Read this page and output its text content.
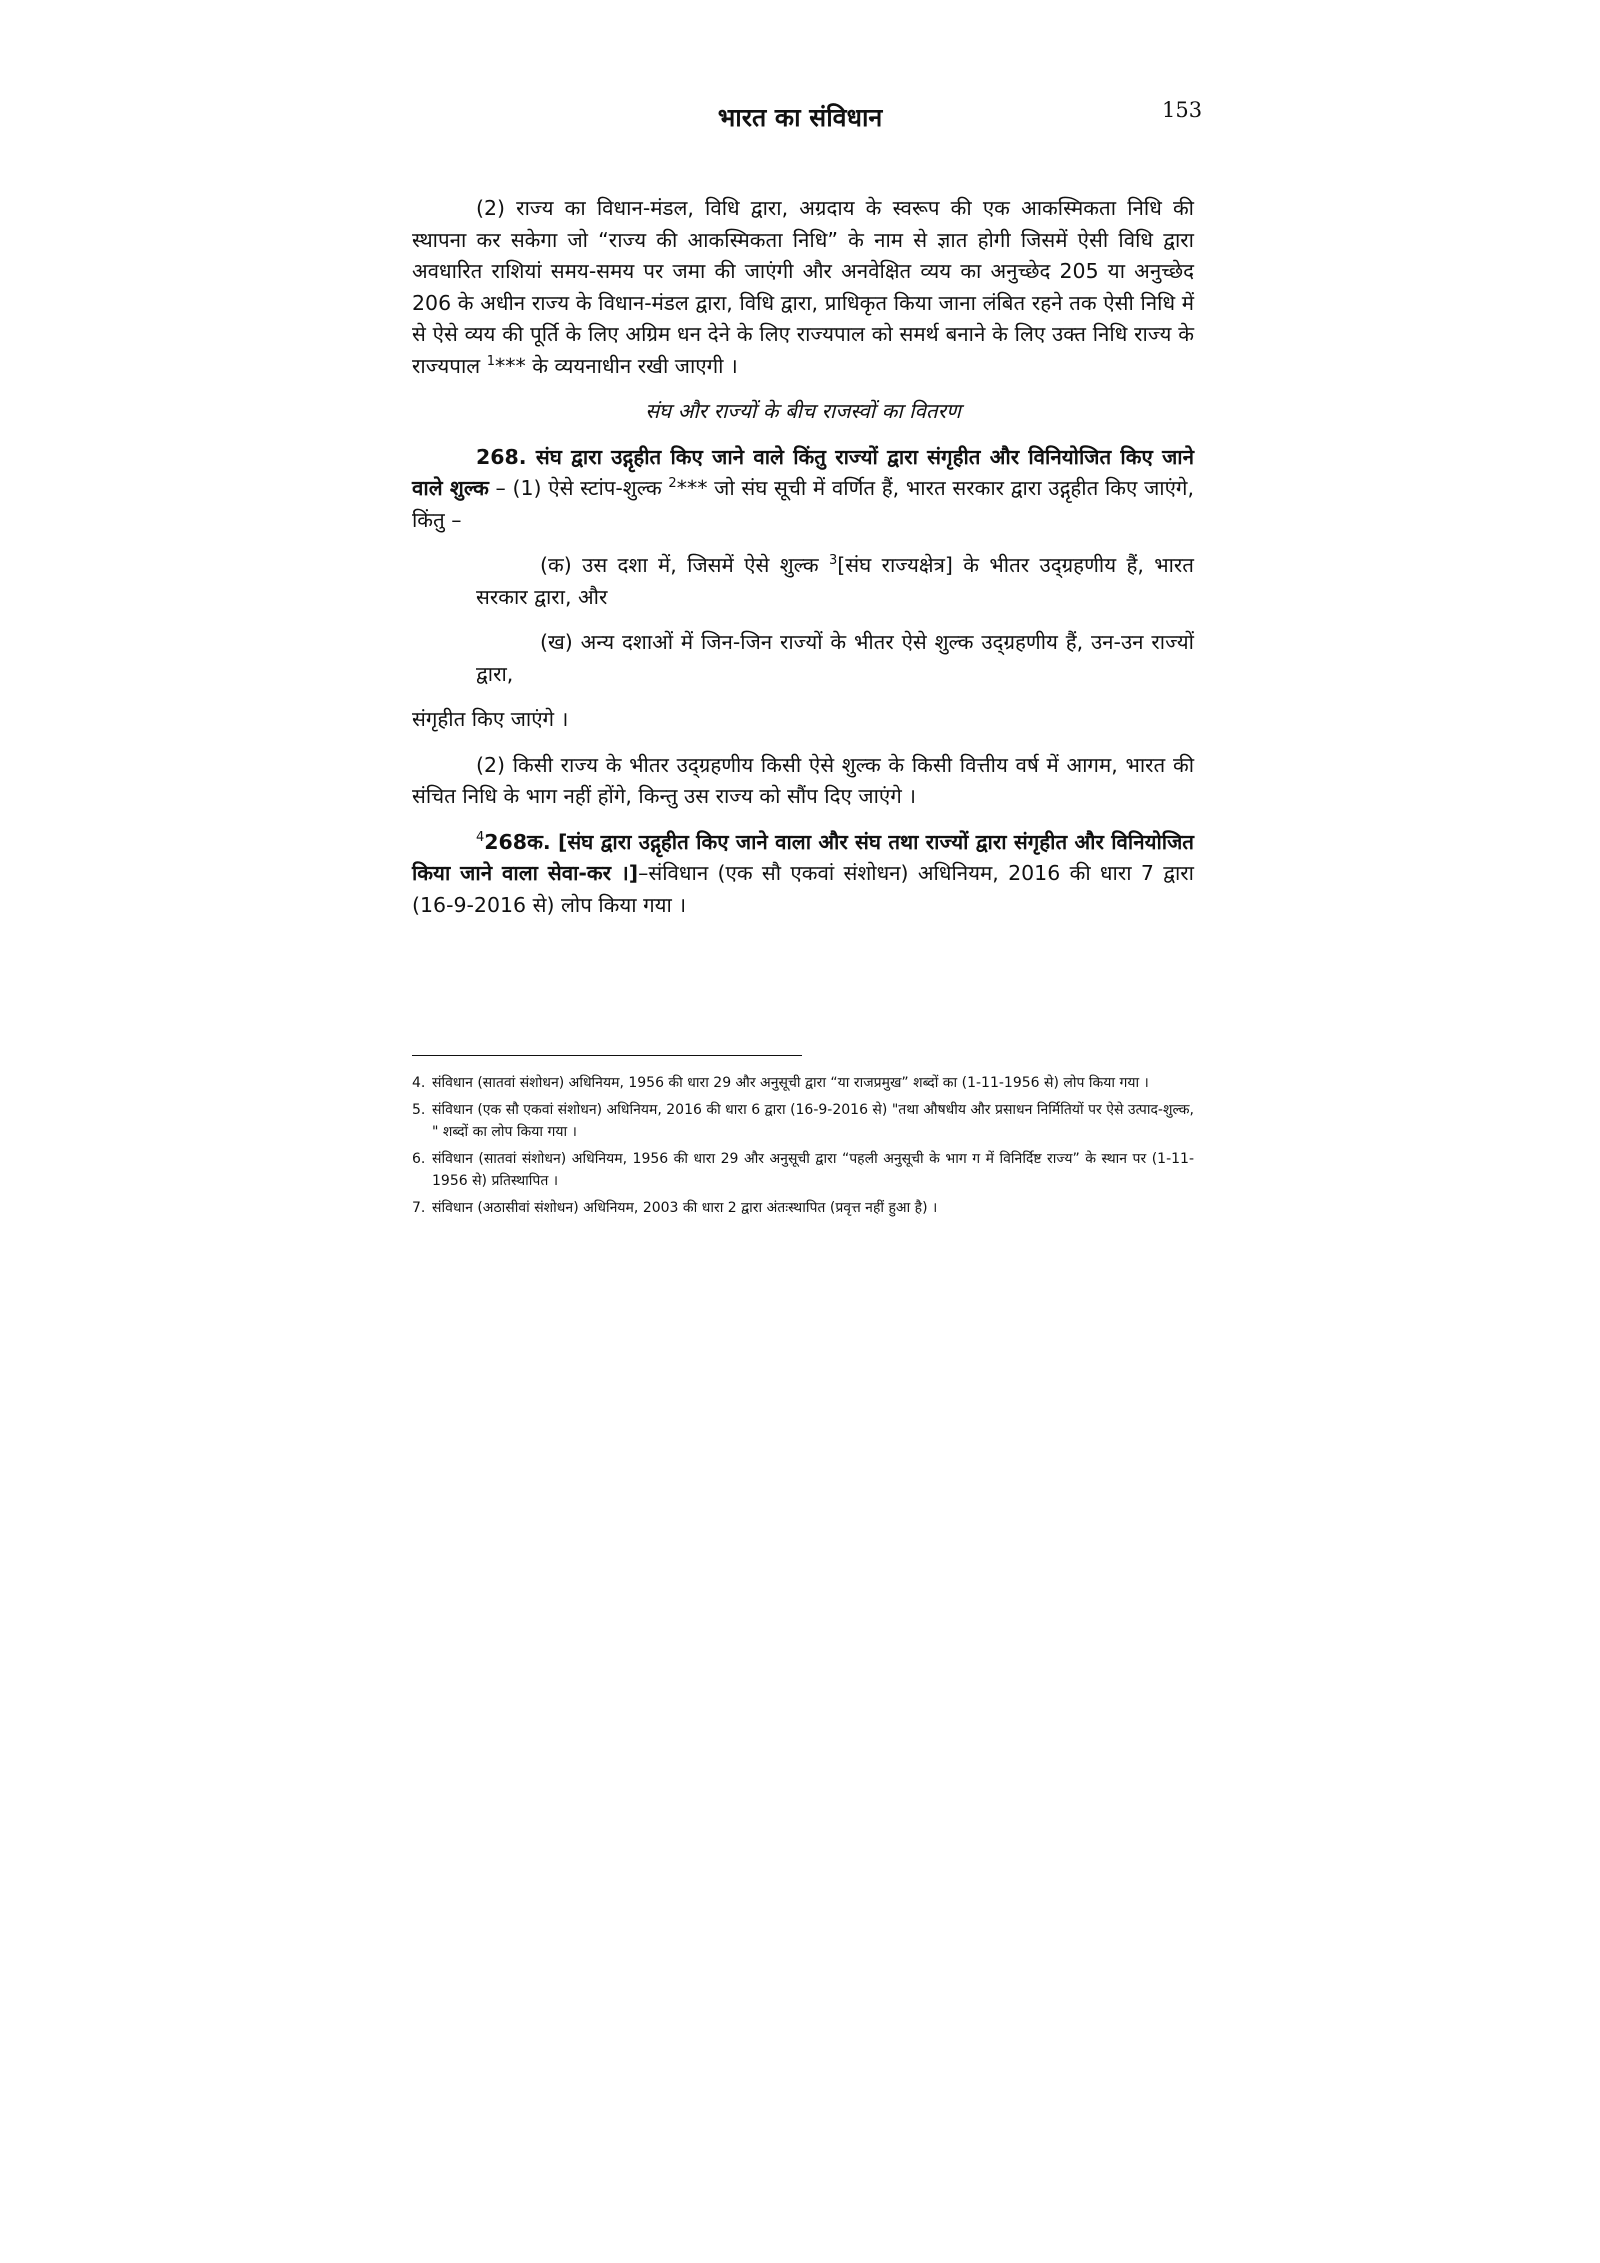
भारत का संविधान	153

(2) राज्य का विधान-मंडल, विधि द्वारा, अग्रदाय के स्वरूप की एक आकस्मिकता निधि की स्थापना कर सकेगा जो “राज्य की आकस्मिकता निधि” के नाम से ज्ञात होगी जिसमें ऐसी विधि द्वारा अवधारित राशियां समय-समय पर जमा की जाएंगी और अनवेक्षित व्यय का अनुच्छेद 205 या अनुच्छेद 206 के अधीन राज्य के विधान-मंडल द्वारा, विधि द्वारा, प्राधिकृत किया जाना लंबित रहने तक ऐसी निधि में से ऐसे व्यय की पूर्ति के लिए अग्रिम धन देने के लिए राज्यपाल को समर्थ बनाने के लिए उक्त निधि राज्य के राज्यपाल $^1$*** के व्ययनाधीन रखी जाएगी ।

संघ और राज्यों के बीच राजस्वों का वितरण

268. संघ द्वारा उद्गृहीत किए जाने वाले किंतु राज्यों द्वारा संगृहीत और विनियोजित किए जाने वाले शुल्क – (1) ऐसे स्टांप-शुल्क $^2$*** जो संघ सूची में वर्णित हैं, भारत सरकार द्वारा उद्गृहीत किए जाएंगे, किंतु –

(क) उस दशा में, जिसमें ऐसे शुल्क $^3$[संघ राज्यक्षेत्र] के भीतर उद्ग्रहणीय हैं, भारत सरकार द्वारा, और

(ख) अन्य दशाओं में जिन-जिन राज्यों के भीतर ऐसे शुल्क उद्ग्रहणीय हैं, उन-उन राज्यों द्वारा,

संगृहीत किए जाएंगे ।

(2) किसी राज्य के भीतर उद्ग्रहणीय किसी ऐसे शुल्क के किसी वित्तीय वर्ष में आगम, भारत की संचित निधि के भाग नहीं होंगे, किन्तु उस राज्य को सौंप दिए जाएंगे ।

$^4$268क. [संघ द्वारा उद्गृहीत किए जाने वाला और संघ तथा राज्यों द्वारा संगृहीत और विनियोजित किया जाने वाला सेवा-कर ।]–संविधान (एक सौ एकवां संशोधन) अधिनियम, 2016 की धारा 7 द्वारा (16-9-2016 से) लोप किया गया ।

4. संविधान (सातवां संशोधन) अधिनियम, 1956 की धारा 29 और अनुसूची द्वारा “या राजप्रमुख” शब्दों का (1-11-1956 से) लोप किया गया ।
5. संविधान (एक सौ एकवां संशोधन) अधिनियम, 2016 की धारा 6 द्वारा (16-9-2016 से) "तथा औषधीय और प्रसाधन निर्मितियों पर ऐसे उत्पाद-शुल्क, " शब्दों का लोप किया गया ।
6. संविधान (सातवां संशोधन) अधिनियम, 1956 की धारा 29 और अनुसूची द्वारा “पहली अनुसूची के भाग ग में विनिर्दिष्ट राज्य” के स्थान पर (1-11-1956 से) प्रतिस्थापित ।
7. संविधान (अठासीवां संशोधन) अधिनियम, 2003 की धारा 2 द्वारा अंतःस्थापित (प्रवृत्त नहीं हुआ है) ।
